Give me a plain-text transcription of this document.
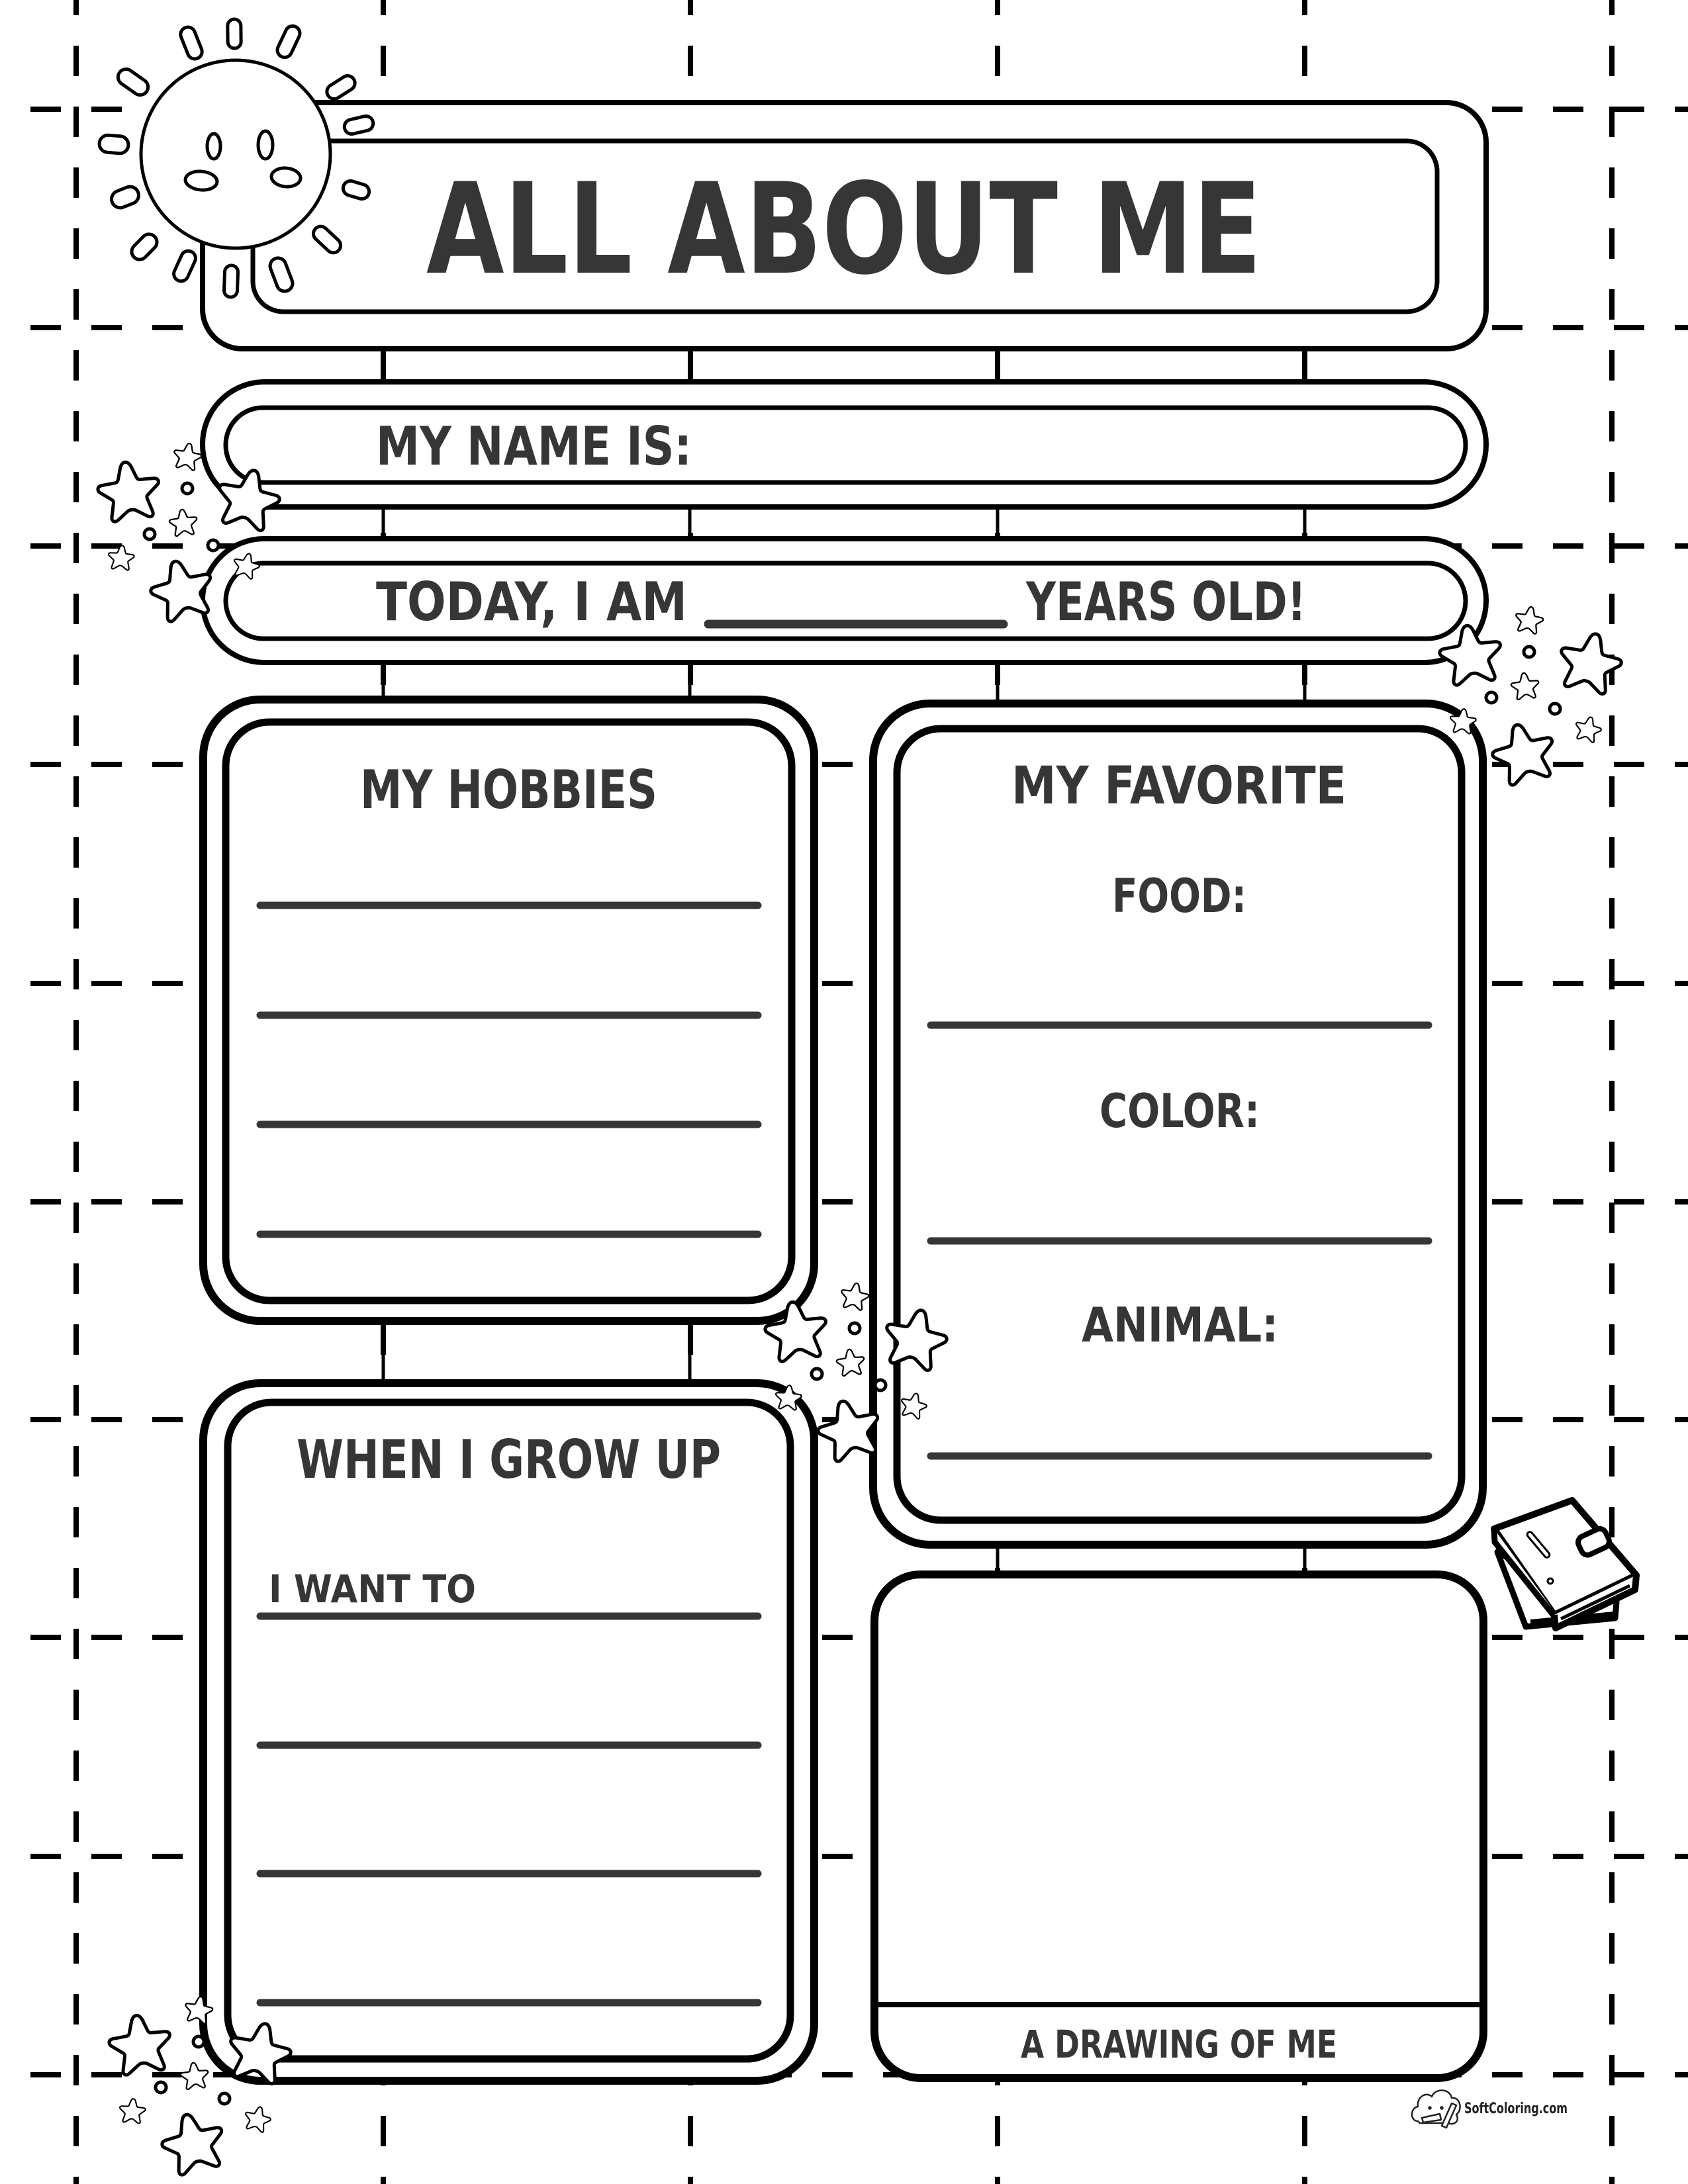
ALL ABOUT ME
MY NAME IS:
TODAY, I AM	YEARS OLD!
MY HOBBIES	MY FAVORITE
FOOD:
COLOR:
ANIMAL:
WHEN I GROW UP
I WANT TO
A DRAWING OF ME
SoftColoring.com
